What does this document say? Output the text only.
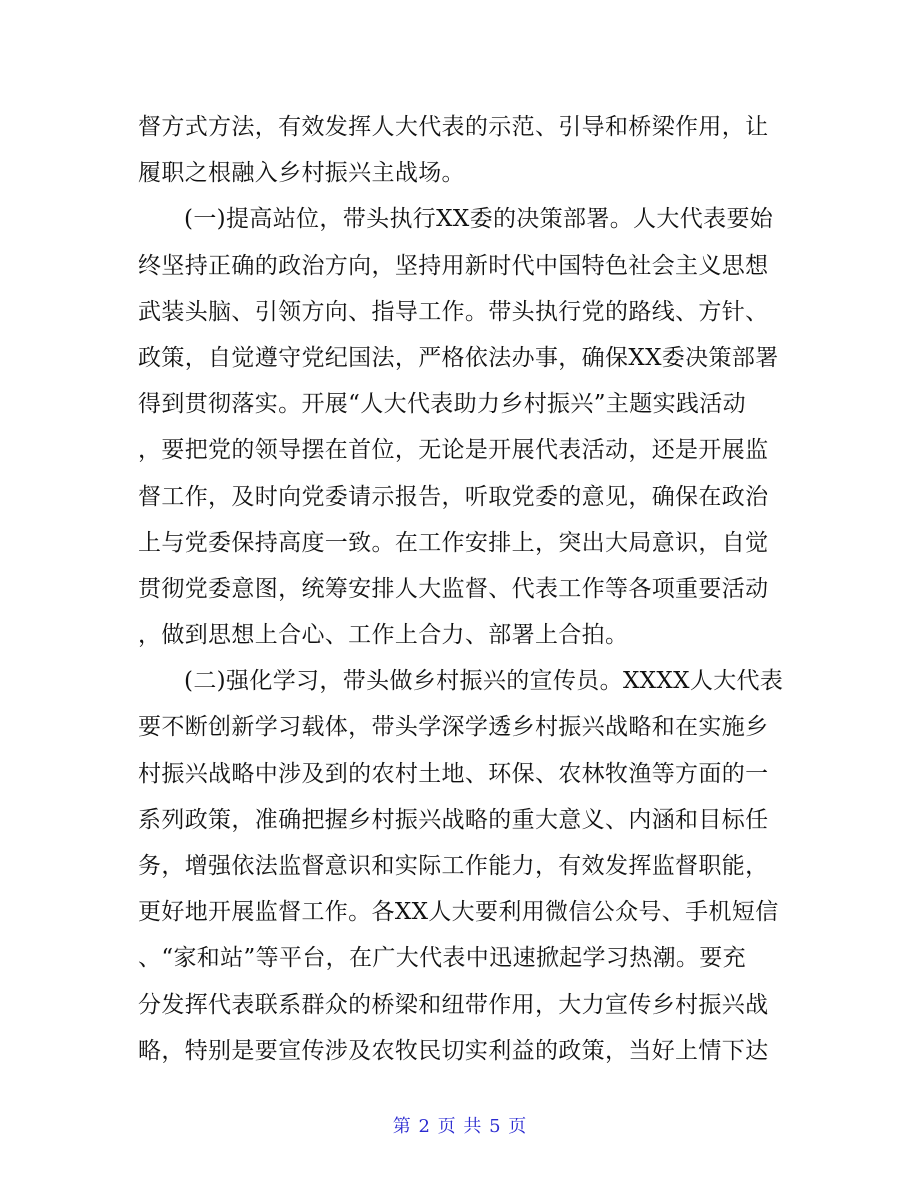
督方式方法，有效发挥人大代表的示范、引导和桥梁作用，让
履职之根融入乡村振兴主战场。
(一)提高站位，带头执行XX委的决策部署。人大代表要始
终坚持正确的政治方向，坚持用新时代中国特色社会主义思想
武装头脑、引领方向、指导工作。带头执行党的路线、方针、
政策，自觉遵守党纪国法，严格依法办事，确保XX委决策部署
得到贯彻落实。开展“人大代表助力乡村振兴”主题实践活动
，要把党的领导摆在首位，无论是开展代表活动，还是开展监
督工作，及时向党委请示报告，听取党委的意见，确保在政治
上与党委保持高度一致。在工作安排上，突出大局意识，自觉
贯彻党委意图，统筹安排人大监督、代表工作等各项重要活动
，做到思想上合心、工作上合力、部署上合拍。
(二)强化学习，带头做乡村振兴的宣传员。XXXX人大代表
要不断创新学习载体，带头学深学透乡村振兴战略和在实施乡
村振兴战略中涉及到的农村土地、环保、农林牧渔等方面的一
系列政策，准确把握乡村振兴战略的重大意义、内涵和目标任
务，增强依法监督意识和实际工作能力，有效发挥监督职能，
更好地开展监督工作。各XX人大要利用微信公众号、手机短信
、“家和站”等平台，在广大代表中迅速掀起学习热潮。要充
分发挥代表联系群众的桥梁和纽带作用，大力宣传乡村振兴战
略，特别是要宣传涉及农牧民切实利益的政策，当好上情下达
第 2 页 共 5 页
